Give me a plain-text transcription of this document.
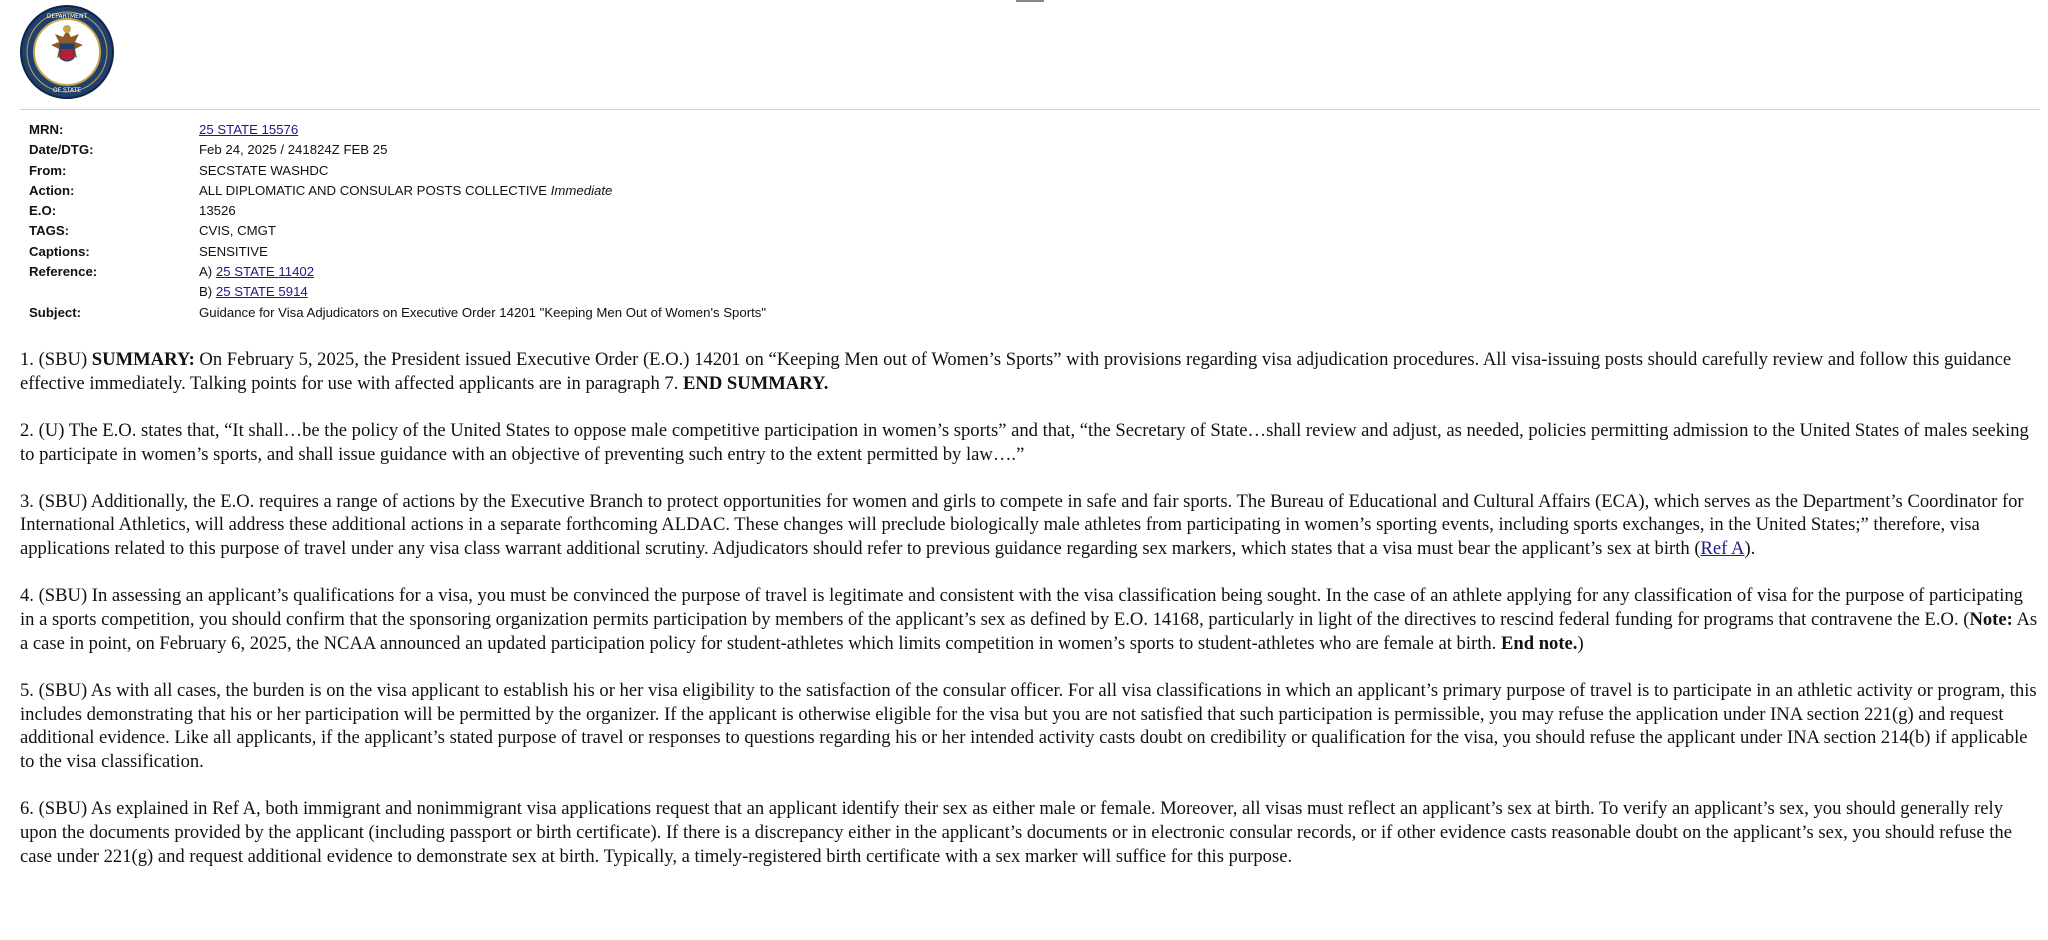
DEPARTMENT
OF STATE
MRN:	25 STATE 15576
Date/DTG:	Feb 24, 2025 / 241824Z FEB 25
From:	SECSTATE WASHDC
Action:	ALL DIPLOMATIC AND CONSULAR POSTS COLLECTIVE Immediate
E.O:	13526
TAGS:	CVIS, CMGT
Captions:	SENSITIVE
Reference:	A) 25 STATE 11402
B) 25 STATE 5914
Subject:	Guidance for Visa Adjudicators on Executive Order 14201 "Keeping Men Out of Women's Sports"

1. (SBU) SUMMARY: On February 5, 2025, the President issued Executive Order (E.O.) 14201 on “Keeping Men out of Women’s Sports” with provisions regarding visa adjudication procedures. All visa-issuing posts should carefully review and follow this guidance effective immediately. Talking points for use with affected applicants are in paragraph 7. END SUMMARY.

2. (U) The E.O. states that, “It shall…be the policy of the United States to oppose male competitive participation in women’s sports” and that, “the Secretary of State…shall review and adjust, as needed, policies permitting admission to the United States of males seeking to participate in women’s sports, and shall issue guidance with an objective of preventing such entry to the extent permitted by law….”

3. (SBU) Additionally, the E.O. requires a range of actions by the Executive Branch to protect opportunities for women and girls to compete in safe and fair sports. The Bureau of Educational and Cultural Affairs (ECA), which serves as the Department’s Coordinator for International Athletics, will address these additional actions in a separate forthcoming ALDAC. These changes will preclude biologically male athletes from participating in women’s sporting events, including sports exchanges, in the United States;” therefore, visa applications related to this purpose of travel under any visa class warrant additional scrutiny. Adjudicators should refer to previous guidance regarding sex markers, which states that a visa must bear the applicant’s sex at birth (Ref A).

4. (SBU) In assessing an applicant’s qualifications for a visa, you must be convinced the purpose of travel is legitimate and consistent with the visa classification being sought. In the case of an athlete applying for any classification of visa for the purpose of participating in a sports competition, you should confirm that the sponsoring organization permits participation by members of the applicant’s sex as defined by E.O. 14168, particularly in light of the directives to rescind federal funding for programs that contravene the E.O. (Note: As a case in point, on February 6, 2025, the NCAA announced an updated participation policy for student-athletes which limits competition in women’s sports to student-athletes who are female at birth. End note.)

5. (SBU) As with all cases, the burden is on the visa applicant to establish his or her visa eligibility to the satisfaction of the consular officer. For all visa classifications in which an applicant’s primary purpose of travel is to participate in an athletic activity or program, this includes demonstrating that his or her participation will be permitted by the organizer. If the applicant is otherwise eligible for the visa but you are not satisfied that such participation is permissible, you may refuse the application under INA section 221(g) and request additional evidence. Like all applicants, if the applicant’s stated purpose of travel or responses to questions regarding his or her intended activity casts doubt on credibility or qualification for the visa, you should refuse the applicant under INA section 214(b) if applicable to the visa classification.

6. (SBU) As explained in Ref A, both immigrant and nonimmigrant visa applications request that an applicant identify their sex as either male or female. Moreover, all visas must reflect an applicant’s sex at birth. To verify an applicant’s sex, you should generally rely upon the documents provided by the applicant (including passport or birth certificate). If there is a discrepancy either in the applicant’s documents or in electronic consular records, or if other evidence casts reasonable doubt on the applicant’s sex, you should refuse the case under 221(g) and request additional evidence to demonstrate sex at birth. Typically, a timely-registered birth certificate with a sex marker will suffice for this purpose.
